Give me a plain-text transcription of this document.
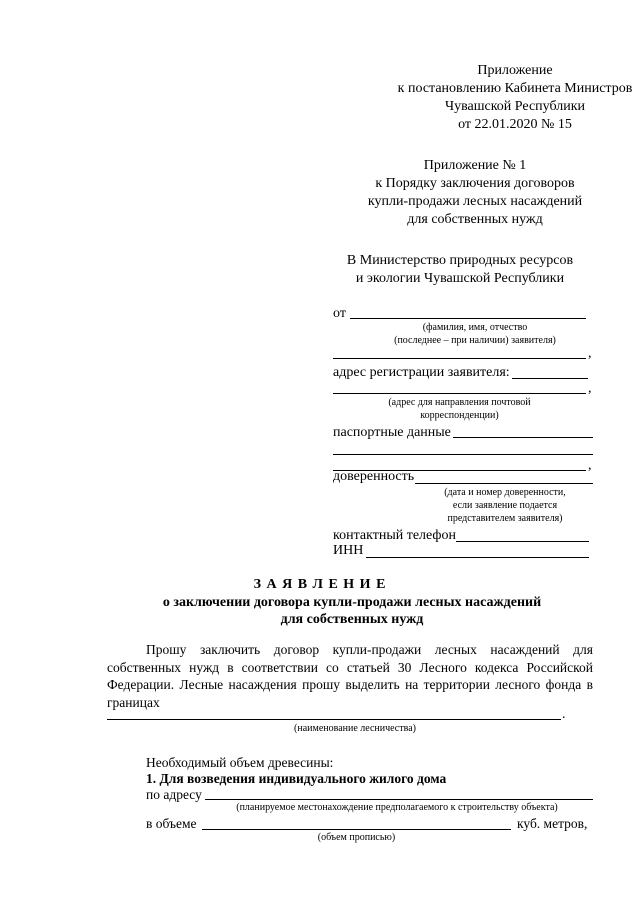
Приложение
к постановлению Кабинета Министров
Чувашской Республики
от 22.01.2020 № 15
Приложение № 1
к Порядку заключения договоров
купли-продажи лесных насаждений
для собственных нужд
В Министерство природных ресурсов
и экологии Чувашской Республики
от
(фамилия, имя, отчество
(последнее – при наличии) заявителя)
,
адрес регистрации заявителя:
,
(адрес для направления почтовой
корреспонденции)
паспортные данные
,
доверенность
(дата и номер доверенности,
если заявление подается
представителем заявителя)
контактный телефон
ИНН
З А Я В Л Е Н И Е
о заключении договора купли-продажи лесных насаждений
для собственных нужд
Прошу заключить договор купли-продажи лесных насаждений для собственных нужд в соответствии со статьей 30 Лесного кодекса Российской Федерации. Лесные насаждения прошу выделить на территории лесного фонда в границах
.
(наименование лесничества)
Необходимый объем древесины:
1. Для возведения индивидуального жилого дома
по адресу
(планируемое местонахождение предполагаемого к строительству объекта)
в объеме	куб. метров,
(объем прописью)
